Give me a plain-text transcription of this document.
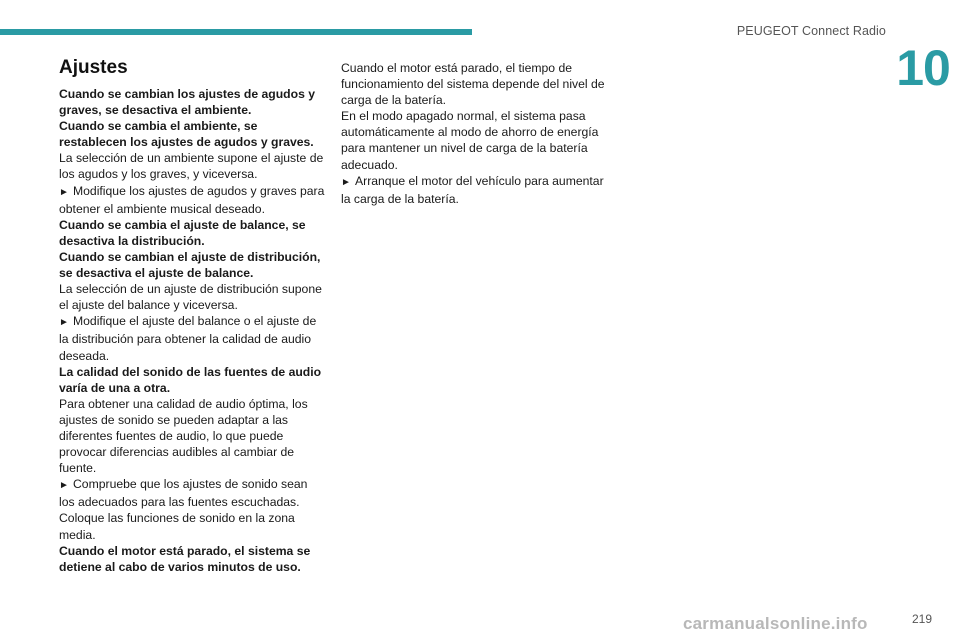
PEUGEOT Connect Radio
10
Ajustes

Cuando se cambian los ajustes de agudos y graves, se desactiva el ambiente.

Cuando se cambia el ambiente, se restablecen los ajustes de agudos y graves.

La selección de un ambiente supone el ajuste de los agudos y los graves, y viceversa.

► Modifique los ajustes de agudos y graves para obtener el ambiente musical deseado.

Cuando se cambia el ajuste de balance, se desactiva la distribución.

Cuando se cambian el ajuste de distribución, se desactiva el ajuste de balance.

La selección de un ajuste de distribución supone el ajuste del balance y viceversa.

► Modifique el ajuste del balance o el ajuste de la distribución para obtener la calidad de audio deseada.

La calidad del sonido de las fuentes de audio varía de una a otra.

Para obtener una calidad de audio óptima, los ajustes de sonido se pueden adaptar a las diferentes fuentes de audio, lo que puede provocar diferencias audibles al cambiar de fuente.

► Compruebe que los ajustes de sonido sean los adecuados para las fuentes escuchadas. Coloque las funciones de sonido en la zona media.

Cuando el motor está parado, el sistema se detiene al cabo de varios minutos de uso.

Cuando el motor está parado, el tiempo de funcionamiento del sistema depende del nivel de carga de la batería.

En el modo apagado normal, el sistema pasa automáticamente al modo de ahorro de energía para mantener un nivel de carga de la batería adecuado.

► Arranque el motor del vehículo para aumentar la carga de la batería.

219
carmanualsonline.info
